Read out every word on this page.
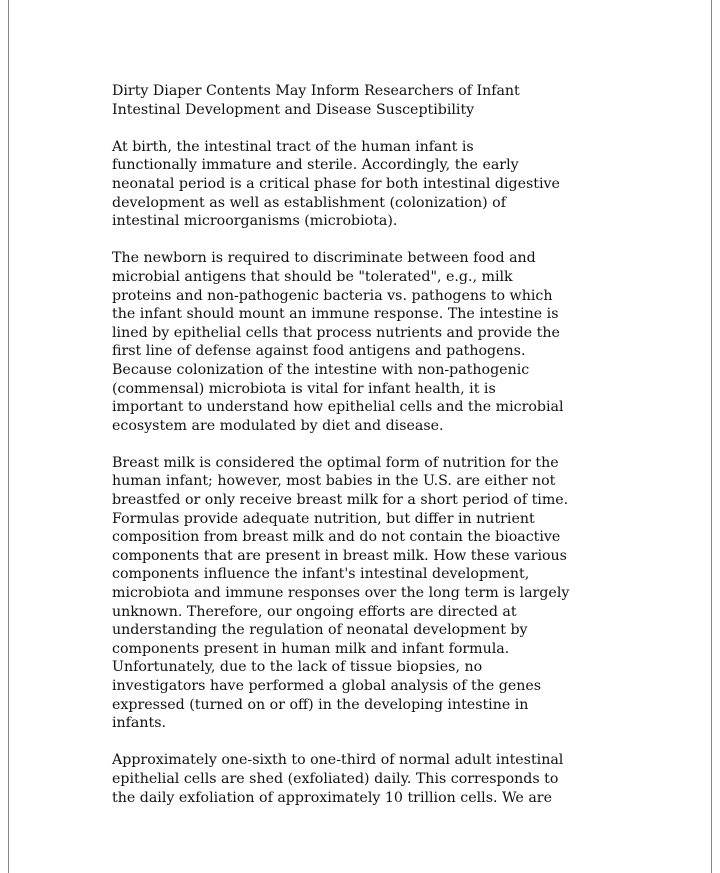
Dirty Diaper Contents May Inform Researchers of Infant
Intestinal Development and Disease Susceptibility
At birth, the intestinal tract of the human infant is
functionally immature and sterile. Accordingly, the early
neonatal period is a critical phase for both intestinal digestive
development as well as establishment (colonization) of
intestinal microorganisms (microbiota).
The newborn is required to discriminate between food and
microbial antigens that should be "tolerated", e.g., milk
proteins and non-pathogenic bacteria vs. pathogens to which
the infant should mount an immune response. The intestine is
lined by epithelial cells that process nutrients and provide the
first line of defense against food antigens and pathogens.
Because colonization of the intestine with non-pathogenic
(commensal) microbiota is vital for infant health, it is
important to understand how epithelial cells and the microbial
ecosystem are modulated by diet and disease.
Breast milk is considered the optimal form of nutrition for the
human infant; however, most babies in the U.S. are either not
breastfed or only receive breast milk for a short period of time.
Formulas provide adequate nutrition, but differ in nutrient
composition from breast milk and do not contain the bioactive
components that are present in breast milk. How these various
components influence the infant's intestinal development,
microbiota and immune responses over the long term is largely
unknown. Therefore, our ongoing efforts are directed at
understanding the regulation of neonatal development by
components present in human milk and infant formula.
Unfortunately, due to the lack of tissue biopsies, no
investigators have performed a global analysis of the genes
expressed (turned on or off) in the developing intestine in
infants.
Approximately one-sixth to one-third of normal adult intestinal
epithelial cells are shed (exfoliated) daily. This corresponds to
the daily exfoliation of approximately 10 trillion cells. We are
